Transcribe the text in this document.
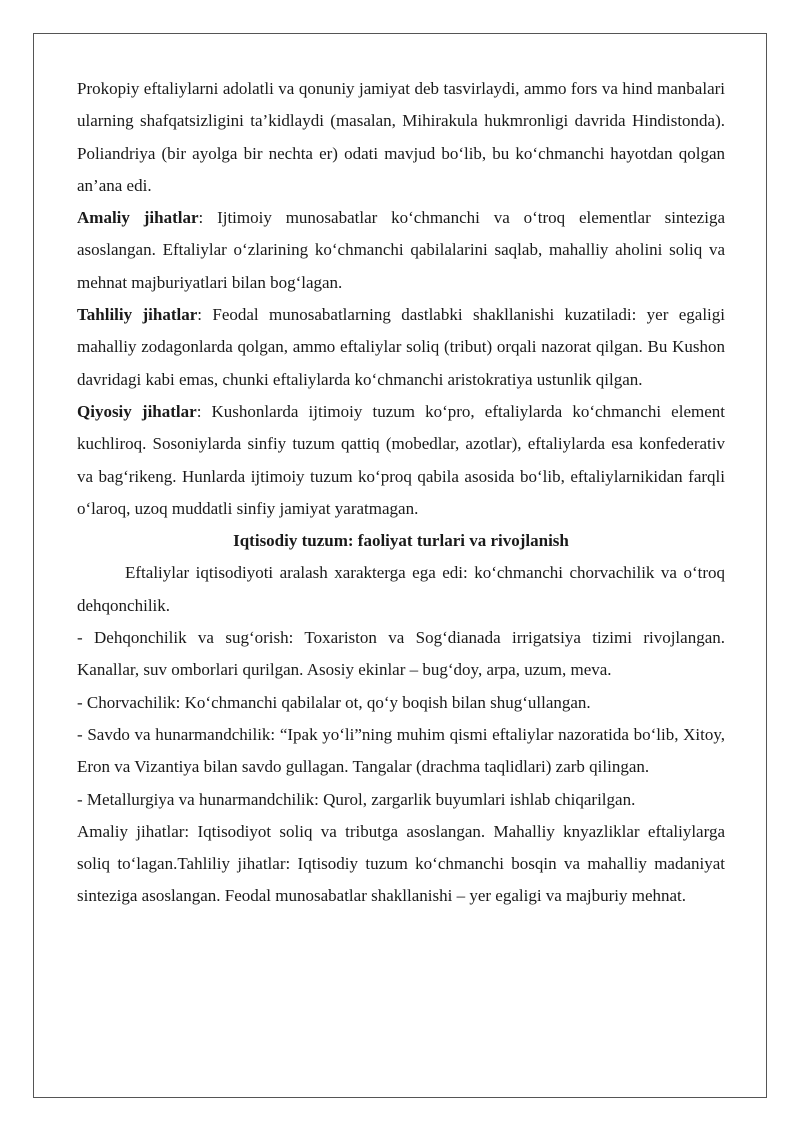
Prokopiy eftaliylarni adolatli va qonuniy jamiyat deb tasvirlaydi, ammo fors va hind manbalari ularning shafqatsizligini ta’kidlaydi (masalan, Mihirakula hukmronligi davrida Hindistonda). Poliandriya (bir ayolga bir nechta er) odati mavjud bo‘lib, bu ko‘chmanchi hayotdan qolgan an’ana edi.

Amaliy jihatlar: Ijtimoiy munosabatlar ko‘chmanchi va o‘troq elementlar sinteziga asoslangan. Eftaliylar o‘zlarining ko‘chmanchi qabilalarini saqlab, mahalliy aholini soliq va mehnat majburiyatlari bilan bog‘lagan.

Tahliliy jihatlar: Feodal munosabatlarning dastlabki shakllanishi kuzatiladi: yer egaligi mahalliy zodagonlarda qolgan, ammo eftaliylar soliq (tribut) orqali nazorat qilgan. Bu Kushon davridagi kabi emas, chunki eftaliylarda ko‘chmanchi aristokratiya ustunlik qilgan.

Qiyosiy jihatlar: Kushonlarda ijtimoiy tuzum ko‘pro, eftaliylarda ko‘chmanchi element kuchliroq. Sosoniylarda sinfiy tuzum qattiq (mobedlar, azotlar), eftaliylarda esa konfederativ va bag‘rikeng. Hunlarda ijtimoiy tuzum ko‘proq qabila asosida bo‘lib, eftaliylarnikidan farqli o‘laroq, uzoq muddatli sinfiy jamiyat yaratmagan.

Iqtisodiy tuzum: faoliyat turlari va rivojlanish

Eftaliylar iqtisodiyoti aralash xarakterga ega edi: ko‘chmanchi chorvachilik va o‘troq dehqonchilik.

- Dehqonchilik va sug‘orish: Toxariston va Sog‘dianada irrigatsiya tizimi rivojlangan. Kanallar, suv omborlari qurilgan. Asosiy ekinlar – bug‘doy, arpa, uzum, meva.

- Chorvachilik: Ko‘chmanchi qabilalar ot, qo‘y boqish bilan shug‘ullangan.

- Savdo va hunarmandchilik: “Ipak yo‘li”ning muhim qismi eftaliylar nazoratida bo‘lib, Xitoy, Eron va Vizantiya bilan savdo gullagan. Tangalar (drachma taqlidlari) zarb qilingan.

- Metallurgiya va hunarmandchilik: Qurol, zargarlik buyumlari ishlab chiqarilgan.

Amaliy jihatlar: Iqtisodiyot soliq va tributga asoslangan. Mahalliy knyazliklar eftaliylarga soliq to‘lagan.Tahliliy jihatlar: Iqtisodiy tuzum ko‘chmanchi bosqin va mahalliy madaniyat sinteziga asoslangan. Feodal munosabatlar shakllanishi – yer egaligi va majburiy mehnat.
